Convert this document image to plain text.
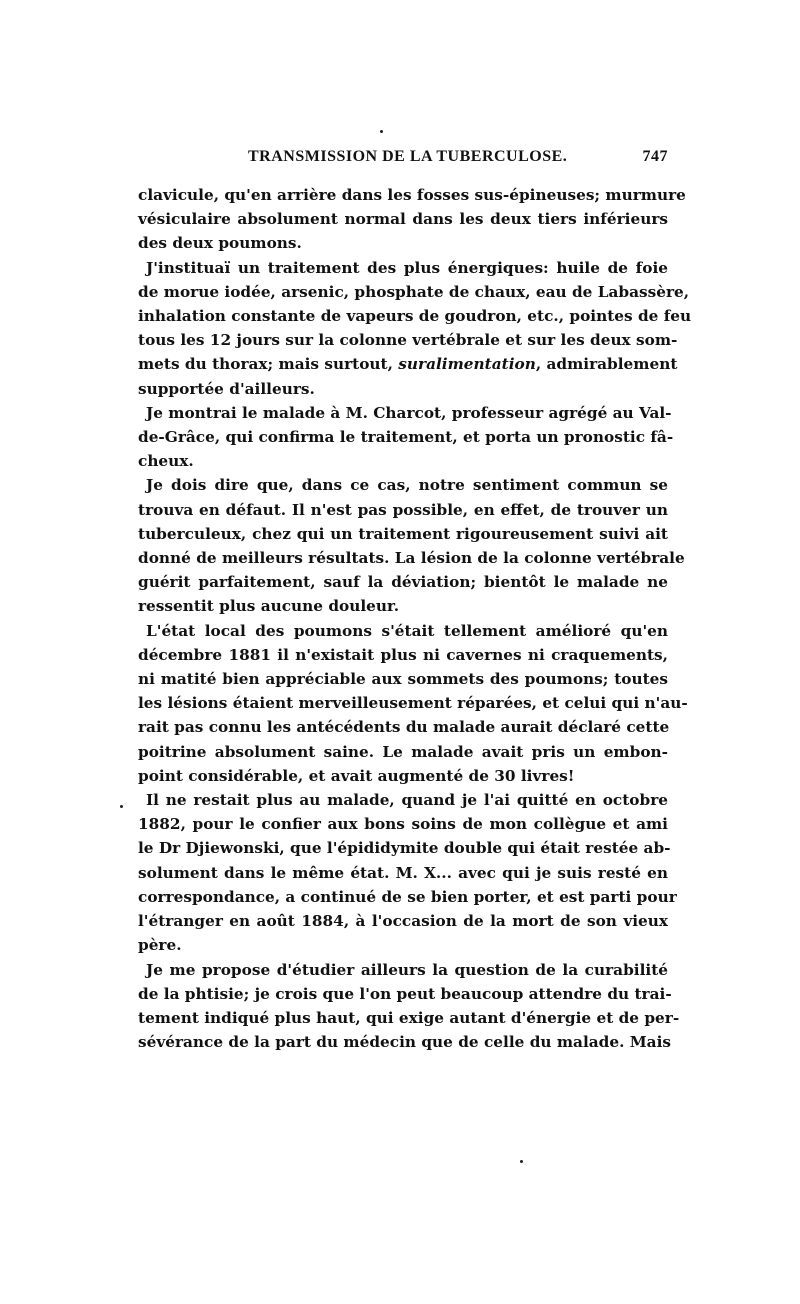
TRANSMISSION DE LA TUBERCULOSE.	747
clavicule, qu'en arrière dans les fosses sus-épineuses; murmure
vésiculaire absolument normal dans les deux tiers inférieurs
des deux poumons.
J'instituaï un traitement des plus énergiques: huile de foie
de morue iodée, arsenic, phosphate de chaux, eau de Labassère,
inhalation constante de vapeurs de goudron, etc., pointes de feu
tous les 12 jours sur la colonne vertébrale et sur les deux som-
mets du thorax; mais surtout, suralimentation, admirablement
supportée d'ailleurs.
Je montrai le malade à M. Charcot, professeur agrégé au Val-
de-Grâce, qui confirma le traitement, et porta un pronostic fâ-
cheux.
Je dois dire que, dans ce cas, notre sentiment commun se
trouva en défaut. Il n'est pas possible, en effet, de trouver un
tuberculeux, chez qui un traitement rigoureusement suivi ait
donné de meilleurs résultats. La lésion de la colonne vertébrale
guérit parfaitement, sauf la déviation; bientôt le malade ne
ressentit plus aucune douleur.
L'état local des poumons s'était tellement amélioré qu'en
décembre 1881 il n'existait plus ni cavernes ni craquements,
ni matité bien appréciable aux sommets des poumons; toutes
les lésions étaient merveilleusement réparées, et celui qui n'au-
rait pas connu les antécédents du malade aurait déclaré cette
poitrine absolument saine. Le malade avait pris un embon-
point considérable, et avait augmenté de 30 livres!
Il ne restait plus au malade, quand je l'ai quitté en octobre
1882, pour le confier aux bons soins de mon collègue et ami
le Dr Djiewonski, que l'épididymite double qui était restée ab-
solument dans le même état. M. X... avec qui je suis resté en
correspondance, a continué de se bien porter, et est parti pour
l'étranger en août 1884, à l'occasion de la mort de son vieux
père.
Je me propose d'étudier ailleurs la question de la curabilité
de la phtisie; je crois que l'on peut beaucoup attendre du trai-
tement indiqué plus haut, qui exige autant d'énergie et de per-
sévérance de la part du médecin que de celle du malade. Mais
